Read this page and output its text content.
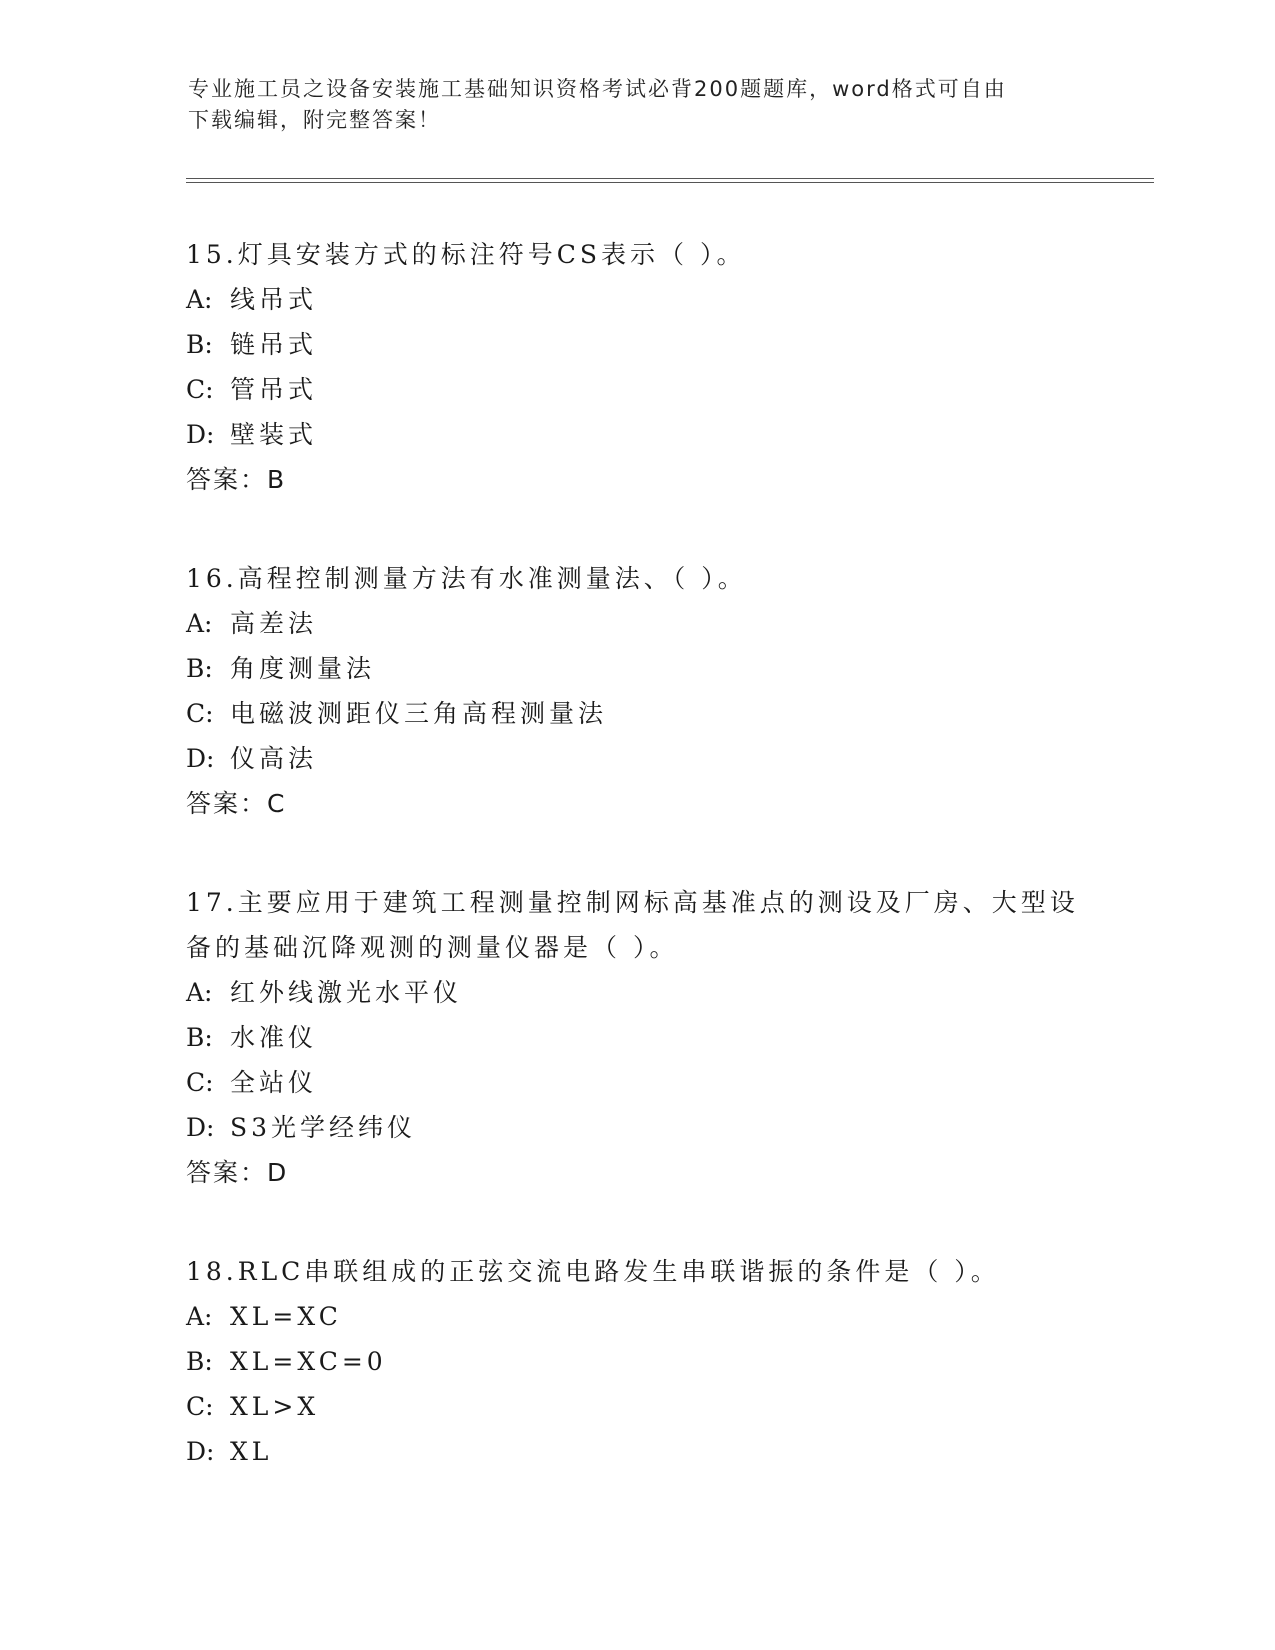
专业施工员之设备安装施工基础知识资格考试必背200题题库，word格式可自由
下载编辑，附完整答案！

15.灯具安装方式的标注符号CS表示（ ）。

A: 线吊式

B: 链吊式

C: 管吊式

D: 壁装式

答案：B

16.高程控制测量方法有水准测量法、（ ）。

A: 高差法

B: 角度测量法

C: 电磁波测距仪三角高程测量法

D: 仪高法

答案：C

17.主要应用于建筑工程测量控制网标高基准点的测设及厂房、大型设备的基础沉降观测的测量仪器是（ ）。

A: 红外线激光水平仪

B: 水准仪

C: 全站仪

D: S3光学经纬仪

答案：D

18.RLC串联组成的正弦交流电路发生串联谐振的条件是（ ）。

A: XL=XC

B: XL=XC=0

C: XL>X

D: XL
